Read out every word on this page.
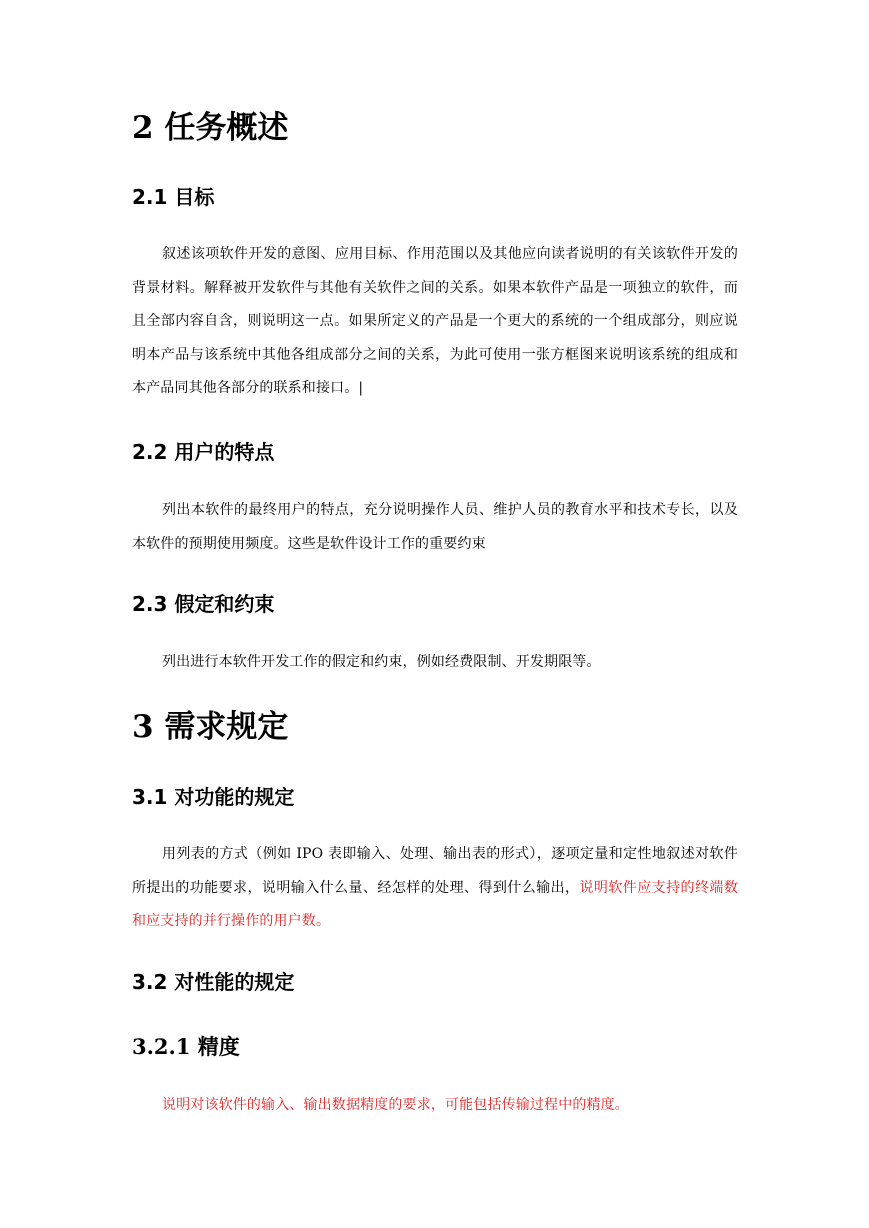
2 任务概述
2.1 目标

叙述该项软件开发的意图、应用目标、作用范围以及其他应向读者说明的有关该软件开发的背景材料。解释被开发软件与其他有关软件之间的关系。如果本软件产品是一项独立的软件，而且全部内容自含，则说明这一点。如果所定义的产品是一个更大的系统的一个组成部分，则应说明本产品与该系统中其他各组成部分之间的关系，为此可使用一张方框图来说明该系统的组成和本产品同其他各部分的联系和接口。|

2.2 用户的特点

列出本软件的最终用户的特点，充分说明操作人员、维护人员的教育水平和技术专长，以及本软件的预期使用频度。这些是软件设计工作的重要约束

2.3 假定和约束

列出进行本软件开发工作的假定和约束，例如经费限制、开发期限等。

3 需求规定
3.1 对功能的规定

用列表的方式（例如 IPO 表即输入、处理、输出表的形式），逐项定量和定性地叙述对软件所提出的功能要求，说明输入什么量、经怎样的处理、得到什么输出，说明软件应支持的终端数和应支持的并行操作的用户数。

3.2 对性能的规定
3.2.1 精度

说明对该软件的输入、输出数据精度的要求，可能包括传输过程中的精度。
